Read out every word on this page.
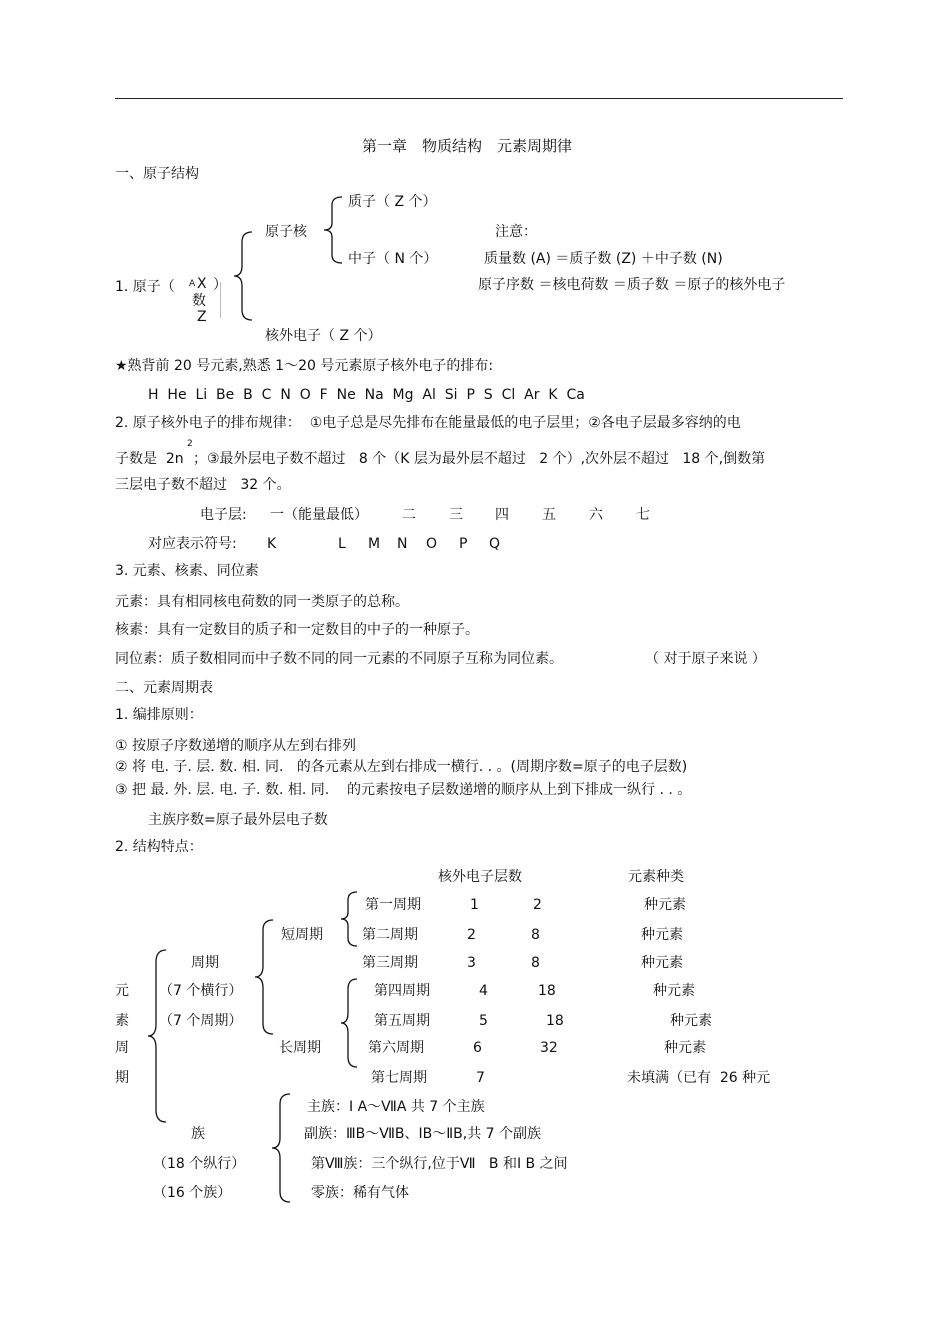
第一章　物质结构　元素周期律
一、原子结构
1. 原子（ A X ）
数
Z
原子核
质子（ Z 个）
中子（ N 个）
核外电子（ Z 个）
注意：
质量数 (A) ＝质子数 (Z) ＋中子数 (N)
原子序数 ＝核电荷数 ＝质子数 ＝原子的核外电子
★熟背前 20 号元素,熟悉 1～20 号元素原子核外电子的排布:
H  He  Li  Be  B  C  N  O  F  Ne  Na  Mg  Al  Si  P  S  Cl  Ar  K  Ca
2. 原子核外电子的排布规律：  ①电子总是尽先排布在能量最低的电子层里；②各电子层最多容纳的电
2
子数是  2n ；③最外层电子数不超过   8 个（K 层为最外层不超过   2 个）,次外层不超过   18 个,倒数第
三层电子数不超过   32 个。
电子层: 一（能量最低） 二 三 四 五 六 七
对应表示符号: K	L M N O P Q
3. 元素、核素、同位素
元素：具有相同核电荷数的同一类原子的总称。
核素：具有一定数目的质子和一定数目的中子的一种原子。
同位素：质子数相同而中子数不同的同一元素的不同原子互称为同位素。	（ 对于原子来说 ）
二、元素周期表
1. 编排原则：
① 按原子序数递增的顺序从左到右排列
② 将 电. 子. 层. 数. 相. 同.   的各元素从左到右排成一横行. . 。(周期序数=原子的电子层数)
③ 把 最. 外. 层. 电. 子. 数. 相. 同.    的元素按电子层数递增的顺序从上到下排成一纵行 . . 。
主族序数=原子最外层电子数
2. 结构特点：
核外电子层数	元素种类
第一周期	1	2	种元素
第二周期	2	8	种元素
第三周期	3	8	种元素
第四周期	4	18	种元素
第五周期	5	18	种元素
第六周期	6	32	种元素
第七周期	7	未填满（已有  26 种元
短周期
长周期
周期
（7 个横行）
（7 个周期）
元
素
周
期
族
（18 个纵行）
（16 个族）
主族：Ⅰ A～ⅦA 共 7 个主族
副族：ⅢB～ⅦB、ⅠB～ⅡB,共 7 个副族
第Ⅷ族：三个纵行,位于Ⅶ   B 和Ⅰ B 之间
零族：稀有气体
